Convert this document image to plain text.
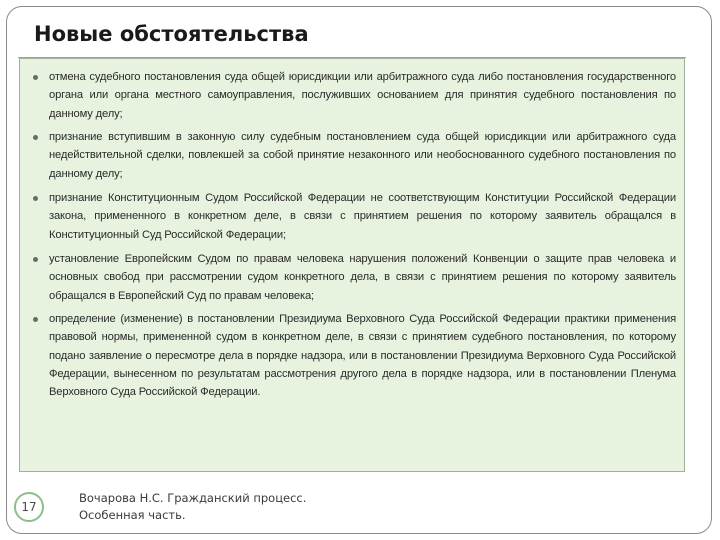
Новые обстоятельства

отмена судебного постановления суда общей юрисдикции или арбитражного суда либо постановления государственного органа или органа местного самоуправления, послуживших основанием для принятия судебного постановления по данному делу;

признание вступившим в законную силу судебным постановлением суда общей юрисдикции или арбитражного суда недействительной сделки, повлекшей за собой принятие незаконного или необоснованного судебного постановления по данному делу;

признание Конституционным Судом Российской Федерации не соответствующим Конституции Российской Федерации закона, примененного в конкретном деле, в связи с принятием решения по которому заявитель обращался в Конституционный Суд Российской Федерации;

установление Европейским Судом по правам человека нарушения положений Конвенции о защите прав человека и основных свобод при рассмотрении судом конкретного дела, в связи с принятием решения по которому заявитель обращался в Европейский Суд по правам человека;

определение (изменение) в постановлении Президиума Верховного Суда Российской Федерации практики применения правовой нормы, примененной судом в конкретном деле, в связи с принятием судебного постановления, по которому подано заявление о пересмотре дела в порядке надзора, или в постановлении Президиума Верховного Суда Российской Федерации, вынесенном по результатам рассмотрения другого дела в порядке надзора, или в постановлении Пленума Верховного Суда Российской Федерации.

17

Вочарова Н.С. Гражданский процесс.
Особенная часть.
